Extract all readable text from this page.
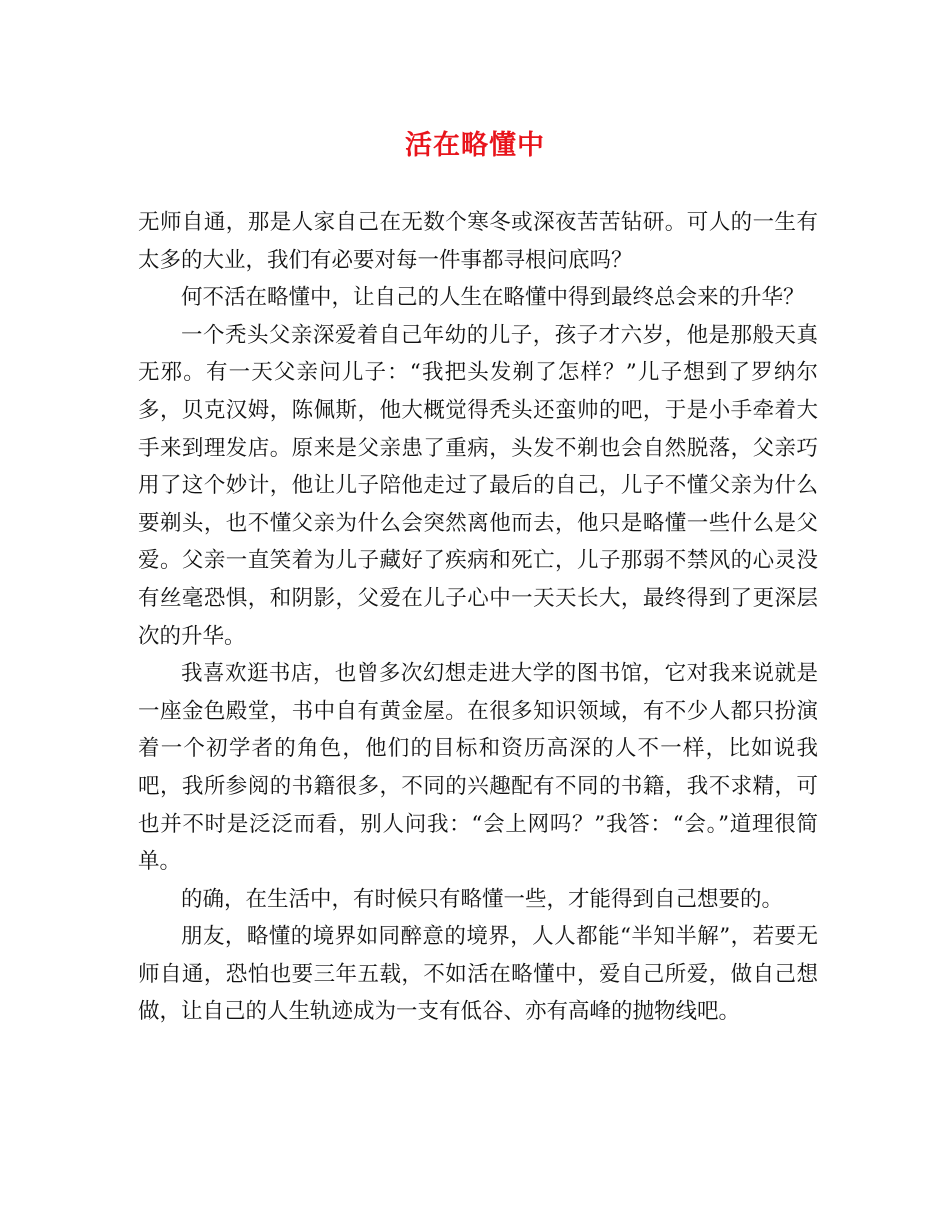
活在略懂中

无师自通，那是人家自己在无数个寒冬或深夜苦苦钻研。可人的一生有太多的大业，我们有必要对每一件事都寻根问底吗？

何不活在略懂中，让自己的人生在略懂中得到最终总会来的升华？

一个秃头父亲深爱着自己年幼的儿子，孩子才六岁，他是那般天真无邪。有一天父亲问儿子：“我把头发剃了怎样？”儿子想到了罗纳尔多，贝克汉姆，陈佩斯，他大概觉得秃头还蛮帅的吧，于是小手牵着大手来到理发店。原来是父亲患了重病，头发不剃也会自然脱落，父亲巧用了这个妙计，他让儿子陪他走过了最后的自己，儿子不懂父亲为什么要剃头，也不懂父亲为什么会突然离他而去，他只是略懂一些什么是父爱。父亲一直笑着为儿子藏好了疾病和死亡，儿子那弱不禁风的心灵没有丝毫恐惧，和阴影，父爱在儿子心中一天天长大，最终得到了更深层次的升华。

我喜欢逛书店，也曾多次幻想走进大学的图书馆，它对我来说就是一座金色殿堂，书中自有黄金屋。在很多知识领域，有不少人都只扮演着一个初学者的角色，他们的目标和资历高深的人不一样，比如说我吧，我所参阅的书籍很多，不同的兴趣配有不同的书籍，我不求精，可也并不时是泛泛而看，别人问我：“会上网吗？”我答：“会。”道理很简单。

的确，在生活中，有时候只有略懂一些，才能得到自己想要的。

朋友，略懂的境界如同醉意的境界，人人都能“半知半解”，若要无师自通，恐怕也要三年五载，不如活在略懂中，爱自己所爱，做自己想做，让自己的人生轨迹成为一支有低谷、亦有高峰的抛物线吧。
